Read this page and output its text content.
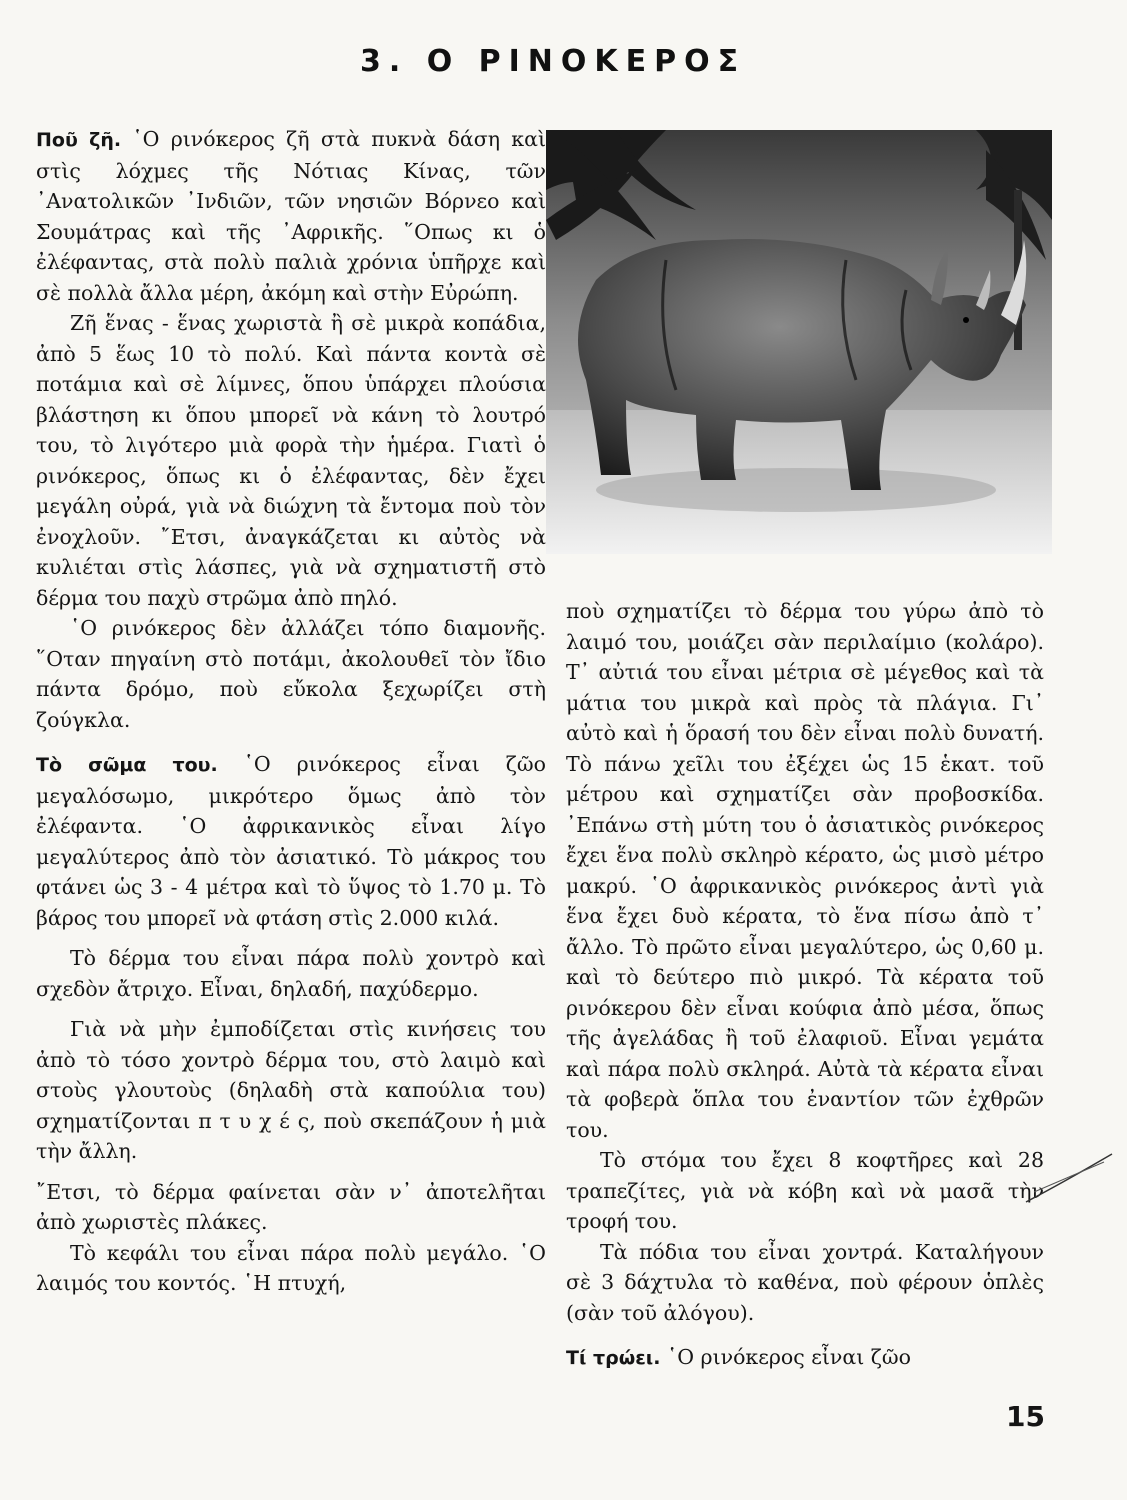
3. Ο ΡΙΝΟΚΕΡΟΣ

Ποῦ ζῆ. ῾Ο ρινόκερος ζῆ στὰ πυκνὰ δάση καὶ στὶς λόχμες τῆς Νότιας Κίνας, τῶν ᾿Ανατολικῶν ᾿Ινδιῶν, τῶν νησιῶν Βόρνεο καὶ Σουμάτρας καὶ τῆς ᾿Αφρικῆς. ῞Οπως κι ὁ ἐλέφαντας, στὰ πολὺ παλιὰ χρόνια ὑπῆρχε καὶ σὲ πολλὰ ἄλλα μέρη, ἀκόμη καὶ στὴν Εὐρώπη.

Ζῆ ἕνας - ἕνας χωριστὰ ἢ σὲ μικρὰ κοπάδια, ἀπὸ 5 ἕως 10 τὸ πολύ. Καὶ πάντα κοντὰ σὲ ποτάμια καὶ σὲ λίμνες, ὅπου ὑπάρχει πλούσια βλάστηση κι ὅπου μπορεῖ νὰ κάνη τὸ λουτρό του, τὸ λιγότερο μιὰ φορὰ τὴν ἡμέρα. Γιατὶ ὁ ρινόκερος, ὅπως κι ὁ ἐλέφαντας, δὲν ἔχει μεγάλη οὐρά, γιὰ νὰ διώχνη τὰ ἔντομα ποὺ τὸν ἐνοχλοῦν. ῎Ετσι, ἀναγκάζεται κι αὐτὸς νὰ κυλιέται στὶς λάσπες, γιὰ νὰ σχηματιστῆ στὸ δέρμα του παχὺ στρῶμα ἀπὸ πηλό.

῾Ο ρινόκερος δὲν ἀλλάζει τόπο διαμονῆς. ῞Οταν πηγαίνη στὸ ποτάμι, ἀκολουθεῖ τὸν ἴδιο πάντα δρόμο, ποὺ εὔκολα ξεχωρίζει στὴ ζούγκλα.

Τὸ σῶμα του. ῾Ο ρινόκερος εἶναι ζῶο μεγαλόσωμο, μικρότερο ὅμως ἀπὸ τὸν ἐλέφαντα. ῾Ο ἀφρικανικὸς εἶναι λίγο μεγαλύτερος ἀπὸ τὸν ἀσιατικό. Τὸ μάκρος του φτάνει ὡς 3 - 4 μέτρα καὶ τὸ ὕψος τὸ 1.70 μ. Τὸ βάρος του μπορεῖ νὰ φτάση στὶς 2.000 κιλά.

Τὸ δέρμα του εἶναι πάρα πολὺ χοντρὸ καὶ σχεδὸν ἄτριχο. Εἶναι, δηλαδή, παχύδερμο.

Γιὰ νὰ μὴν ἐμποδίζεται στὶς κινήσεις του ἀπὸ τὸ τόσο χοντρὸ δέρμα του, στὸ λαιμὸ καὶ στοὺς γλουτοὺς (δηλαδὴ στὰ καπούλια του) σχηματίζονται π τ υ χ έ ς, ποὺ σκεπάζουν ἡ μιὰ τὴν ἄλλη.

῎Ετσι, τὸ δέρμα φαίνεται σὰν ν᾿ ἀποτελῆται ἀπὸ χωριστὲς πλάκες.

Τὸ κεφάλι του εἶναι πάρα πολὺ μεγάλο. ῾Ο λαιμός του κοντός. ῾Η πτυχή,

ποὺ σχηματίζει τὸ δέρμα του γύρω ἀπὸ τὸ λαιμό του, μοιάζει σὰν περιλαίμιο (κολάρο). Τ᾿ αὐτιά του εἶναι μέτρια σὲ μέγεθος καὶ τὰ μάτια του μικρὰ καὶ πρὸς τὰ πλάγια. Γι᾿ αὐτὸ καὶ ἡ ὅρασή του δὲν εἶναι πολὺ δυνατή. Τὸ πάνω χεῖλι του ἐξέχει ὡς 15 ἑκατ. τοῦ μέτρου καὶ σχηματίζει σὰν προβοσκίδα. ᾿Επάνω στὴ μύτη του ὁ ἀσιατικὸς ρινόκερος ἔχει ἕνα πολὺ σκληρὸ κέρατο, ὡς μισὸ μέτρο μακρύ. ῾Ο ἀφρικανικὸς ρινόκερος ἀντὶ γιὰ ἕνα ἔχει δυὸ κέρατα, τὸ ἕνα πίσω ἀπὸ τ᾿ ἄλλο. Τὸ πρῶτο εἶναι μεγαλύτερο, ὡς 0,60 μ. καὶ τὸ δεύτερο πιὸ μικρό. Τὰ κέρατα τοῦ ρινόκερου δὲν εἶναι κούφια ἀπὸ μέσα, ὅπως τῆς ἀγελάδας ἢ τοῦ ἐλαφιοῦ. Εἶναι γεμάτα καὶ πάρα πολὺ σκληρά. Αὐτὰ τὰ κέρατα εἶναι τὰ φοβερὰ ὅπλα του ἐναντίον τῶν ἐχθρῶν του.

Τὸ στόμα του ἔχει 8 κοφτῆρες καὶ 28 τραπεζίτες, γιὰ νὰ κόβη καὶ νὰ μασᾶ τὴν τροφή του.

Τὰ πόδια του εἶναι χοντρά. Καταλήγουν σὲ 3 δάχτυλα τὸ καθένα, ποὺ φέρουν ὁπλὲς (σὰν τοῦ ἀλόγου).

Τί τρώει. ῾Ο ρινόκερος εἶναι ζῶο

15
